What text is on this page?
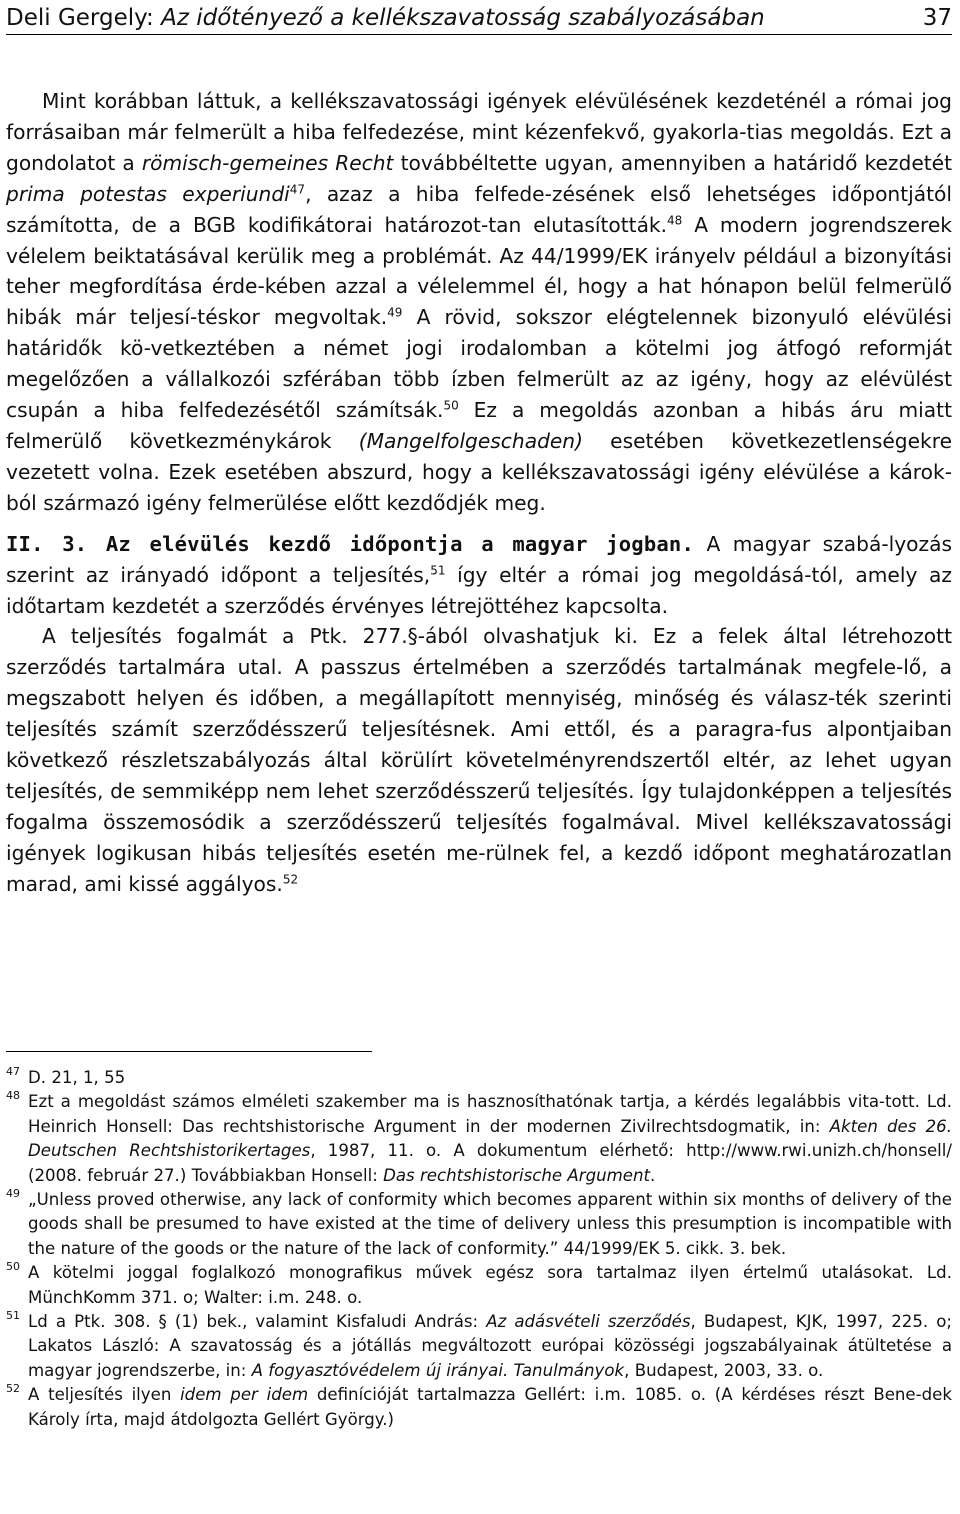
Deli Gergely: Az időtényező a kellékszavatosság szabályozásában	37

Mint korábban láttuk, a kellékszavatossági igények elévülésének kezdeténél a római jog forrásaiban már felmerült a hiba felfedezése, mint kézenfekvő, gyakorla-tias megoldás. Ezt a gondolatot a römisch-gemeines Recht továbbéltette ugyan, amennyiben a határidő kezdetét prima potestas experiundi$^{47}$, azaz a hiba felfede-zésének első lehetséges időpontjától számította, de a BGB kodifikátorai határozot-tan elutasították.$^{48}$ A modern jogrendszerek vélelem beiktatásával kerülik meg a problémát. Az 44/1999/EK irányelv például a bizonyítási teher megfordítása érde-kében azzal a vélelemmel él, hogy a hat hónapon belül felmerülő hibák már teljesí-téskor megvoltak.$^{49}$ A rövid, sokszor elégtelennek bizonyuló elévülési határidők kö-vetkeztében a német jogi irodalomban a kötelmi jog átfogó reformját megelőzően a vállalkozói szférában több ízben felmerült az az igény, hogy az elévülést csupán a hiba felfedezésétől számítsák.$^{50}$ Ez a megoldás azonban a hibás áru miatt felmerülő következménykárok (Mangelfolgeschaden) esetében következetlenségekre vezetett volna. Ezek esetében abszurd, hogy a kellékszavatossági igény elévülése a károk-ból származó igény felmerülése előtt kezdődjék meg.

II. 3. Az elévülés kezdő időpontja a magyar jogban. A magyar szabá-lyozás szerint az irányadó időpont a teljesítés,$^{51}$ így eltér a római jog megoldásá-tól, amely az időtartam kezdetét a szerződés érvényes létrejöttéhez kapcsolta.

A teljesítés fogalmát a Ptk. 277.§-ából olvashatjuk ki. Ez a felek által létrehozott szerződés tartalmára utal. A passzus értelmében a szerződés tartalmának megfele-lő, a megszabott helyen és időben, a megállapított mennyiség, minőség és válasz-ték szerinti teljesítés számít szerződésszerű teljesítésnek. Ami ettől, és a paragra-fus alpontjaiban következő részletszabályozás által körülírt követelményrendszertől eltér, az lehet ugyan teljesítés, de semmiképp nem lehet szerződésszerű teljesítés. Így tulajdonképpen a teljesítés fogalma összemosódik a szerződésszerű teljesítés fogalmával. Mivel kellékszavatossági igények logikusan hibás teljesítés esetén me-rülnek fel, a kezdő időpont meghatározatlan marad, ami kissé aggályos.$^{52}$

47 D. 21, 1, 55
48 Ezt a megoldást számos elméleti szakember ma is hasznosíthatónak tartja, a kérdés legalábbis vita-tott. Ld. Heinrich Honsell: Das rechtshistorische Argument in der modernen Zivilrechtsdogmatik, in: Akten des 26. Deutschen Rechtshistorikertages, 1987, 11. o. A dokumentum elérhető: http://www.rwi.unizh.ch/honsell/ (2008. február 27.) Továbbiakban Honsell: Das rechtshistorische Argument.
49 „Unless proved otherwise, any lack of conformity which becomes apparent within six months of delivery of the goods shall be presumed to have existed at the time of delivery unless this presumption is incompatible with the nature of the goods or the nature of the lack of conformity.” 44/1999/EK 5. cikk. 3. bek.
50 A kötelmi joggal foglalkozó monografikus művek egész sora tartalmaz ilyen értelmű utalásokat. Ld. MünchKomm 371. o; Walter: i.m. 248. o.
51 Ld a Ptk. 308. § (1) bek., valamint Kisfaludi András: Az adásvételi szerződés, Budapest, KJK, 1997, 225. o; Lakatos László: A szavatosság és a jótállás megváltozott európai közösségi jogszabályainak átültetése a magyar jogrendszerbe, in: A fogyasztóvédelem új irányai. Tanulmányok, Budapest, 2003, 33. o.
52 A teljesítés ilyen idem per idem definícióját tartalmazza Gellért: i.m. 1085. o. (A kérdéses részt Bene-dek Károly írta, majd átdolgozta Gellért György.)
